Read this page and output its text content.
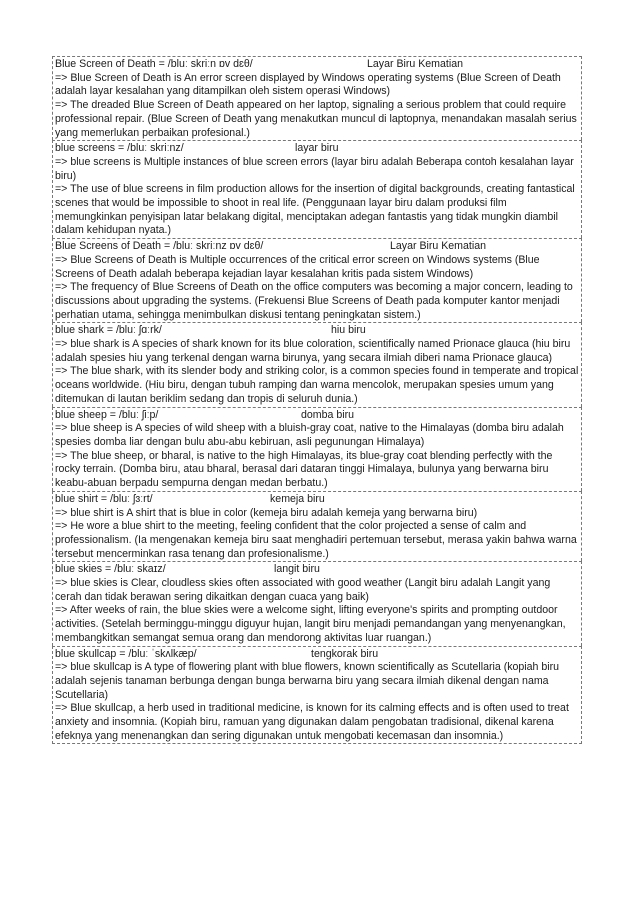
Blue Screen of Death = /bluː skriːn ɒv dɛθ/	Layar Biru Kematian
=> Blue Screen of Death is An error screen displayed by Windows operating systems (Blue Screen of Death adalah layar kesalahan yang ditampilkan oleh sistem operasi Windows)
=> The dreaded Blue Screen of Death appeared on her laptop, signaling a serious problem that could require professional repair. (Blue Screen of Death yang menakutkan muncul di laptopnya, menandakan masalah serius yang memerlukan perbaikan profesional.)
blue screens = /bluː skriːnz/	layar biru
=> blue screens is Multiple instances of blue screen errors (layar biru adalah Beberapa contoh kesalahan layar biru)
=> The use of blue screens in film production allows for the insertion of digital backgrounds, creating fantastical scenes that would be impossible to shoot in real life. (Penggunaan layar biru dalam produksi film memungkinkan penyisipan latar belakang digital, menciptakan adegan fantastis yang tidak mungkin diambil dalam kehidupan nyata.)
Blue Screens of Death = /bluː skriːnz ɒv dɛθ/	Layar Biru Kematian
=> Blue Screens of Death is Multiple occurrences of the critical error screen on Windows systems (Blue Screens of Death adalah beberapa kejadian layar kesalahan kritis pada sistem Windows)
=> The frequency of Blue Screens of Death on the office computers was becoming a major concern, leading to discussions about upgrading the systems. (Frekuensi Blue Screens of Death pada komputer kantor menjadi perhatian utama, sehingga menimbulkan diskusi tentang peningkatan sistem.)
blue shark = /bluː ʃɑːrk/	hiu biru
=> blue shark is A species of shark known for its blue coloration, scientifically named Prionace glauca (hiu biru adalah spesies hiu yang terkenal dengan warna birunya, yang secara ilmiah diberi nama Prionace glauca)
=> The blue shark, with its slender body and striking color, is a common species found in temperate and tropical oceans worldwide. (Hiu biru, dengan tubuh ramping dan warna mencolok, merupakan spesies umum yang ditemukan di lautan beriklim sedang dan tropis di seluruh dunia.)
blue sheep = /bluː ʃiːp/	domba biru
=> blue sheep is A species of wild sheep with a bluish-gray coat, native to the Himalayas (domba biru adalah spesies domba liar dengan bulu abu-abu kebiruan, asli pegunungan Himalaya)
=> The blue sheep, or bharal, is native to the high Himalayas, its blue-gray coat blending perfectly with the rocky terrain. (Domba biru, atau bharal, berasal dari dataran tinggi Himalaya, bulunya yang berwarna biru keabu-abuan berpadu sempurna dengan medan berbatu.)
blue shirt = /bluː ʃɜːrt/	kemeja biru
=> blue shirt is A shirt that is blue in color (kemeja biru adalah kemeja yang berwarna biru)
=> He wore a blue shirt to the meeting, feeling confident that the color projected a sense of calm and professionalism. (Ia mengenakan kemeja biru saat menghadiri pertemuan tersebut, merasa yakin bahwa warna tersebut mencerminkan rasa tenang dan profesionalisme.)
blue skies = /bluː skaɪz/	langit biru
=> blue skies is Clear, cloudless skies often associated with good weather (Langit biru adalah Langit yang cerah dan tidak berawan sering dikaitkan dengan cuaca yang baik)
=> After weeks of rain, the blue skies were a welcome sight, lifting everyone's spirits and prompting outdoor activities. (Setelah berminggu-minggu diguyur hujan, langit biru menjadi pemandangan yang menyenangkan, membangkitkan semangat semua orang dan mendorong aktivitas luar ruangan.)
blue skullcap = /bluː ˈskʌlkæp/	tengkorak biru
=> blue skullcap is A type of flowering plant with blue flowers, known scientifically as Scutellaria (kopiah biru adalah sejenis tanaman berbunga dengan bunga berwarna biru yang secara ilmiah dikenal dengan nama Scutellaria)
=> Blue skullcap, a herb used in traditional medicine, is known for its calming effects and is often used to treat anxiety and insomnia. (Kopiah biru, ramuan yang digunakan dalam pengobatan tradisional, dikenal karena efeknya yang menenangkan dan sering digunakan untuk mengobati kecemasan dan insomnia.)
